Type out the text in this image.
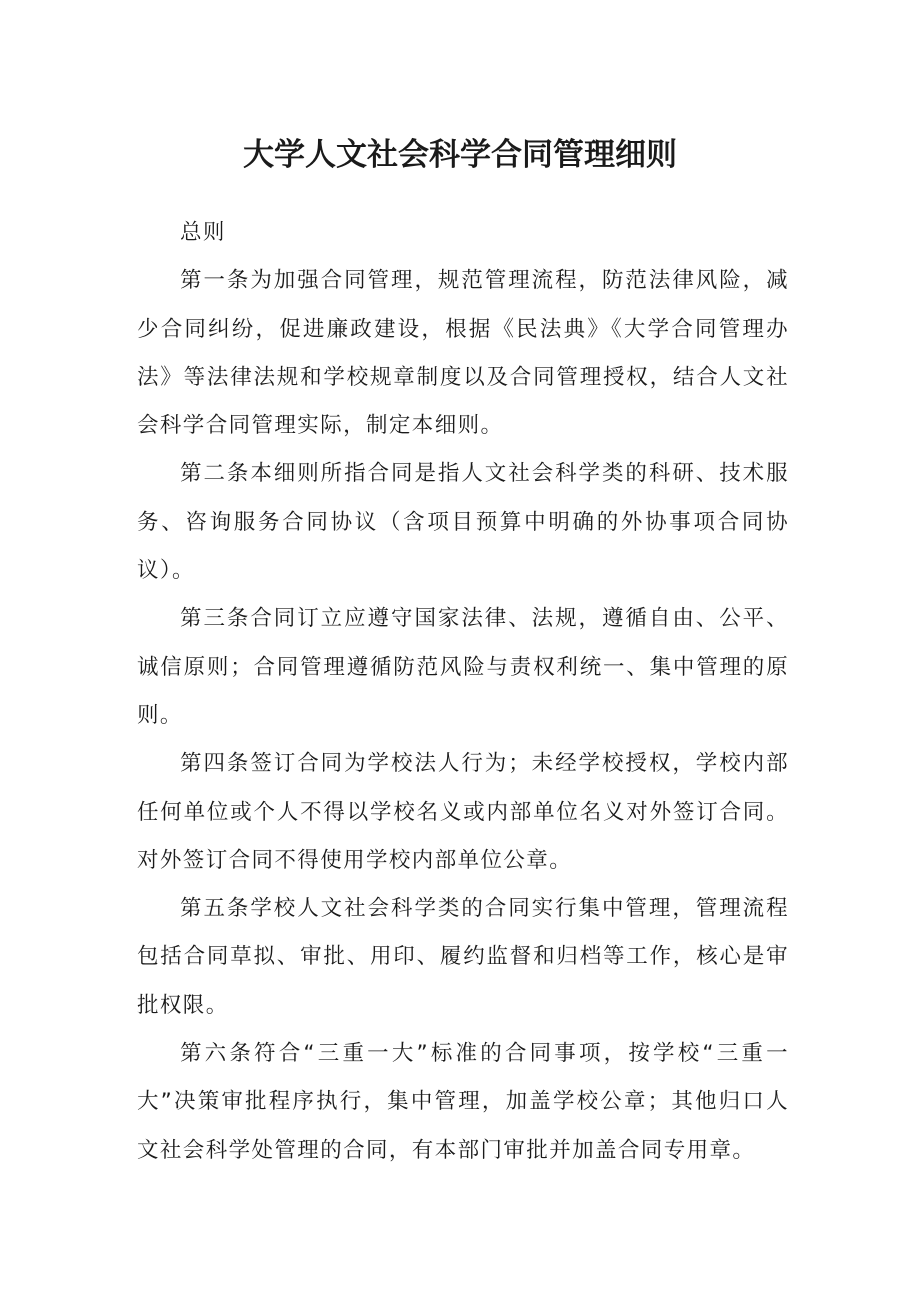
大学人文社会科学合同管理细则

总则

第一条为加强合同管理，规范管理流程，防范法律风险，减少合同纠纷，促进廉政建设，根据《民法典》《大学合同管理办法》等法律法规和学校规章制度以及合同管理授权，结合人文社会科学合同管理实际，制定本细则。

第二条本细则所指合同是指人文社会科学类的科研、技术服务、咨询服务合同协议（含项目预算中明确的外协事项合同协议）。

第三条合同订立应遵守国家法律、法规，遵循自由、公平、诚信原则；合同管理遵循防范风险与责权利统一、集中管理的原则。

第四条签订合同为学校法人行为；未经学校授权，学校内部任何单位或个人不得以学校名义或内部单位名义对外签订合同。对外签订合同不得使用学校内部单位公章。

第五条学校人文社会科学类的合同实行集中管理，管理流程包括合同草拟、审批、用印、履约监督和归档等工作，核心是审批权限。

第六条符合“三重一大”标准的合同事项，按学校“三重一大”决策审批程序执行，集中管理，加盖学校公章；其他归口人文社会科学处管理的合同，有本部门审批并加盖合同专用章。
